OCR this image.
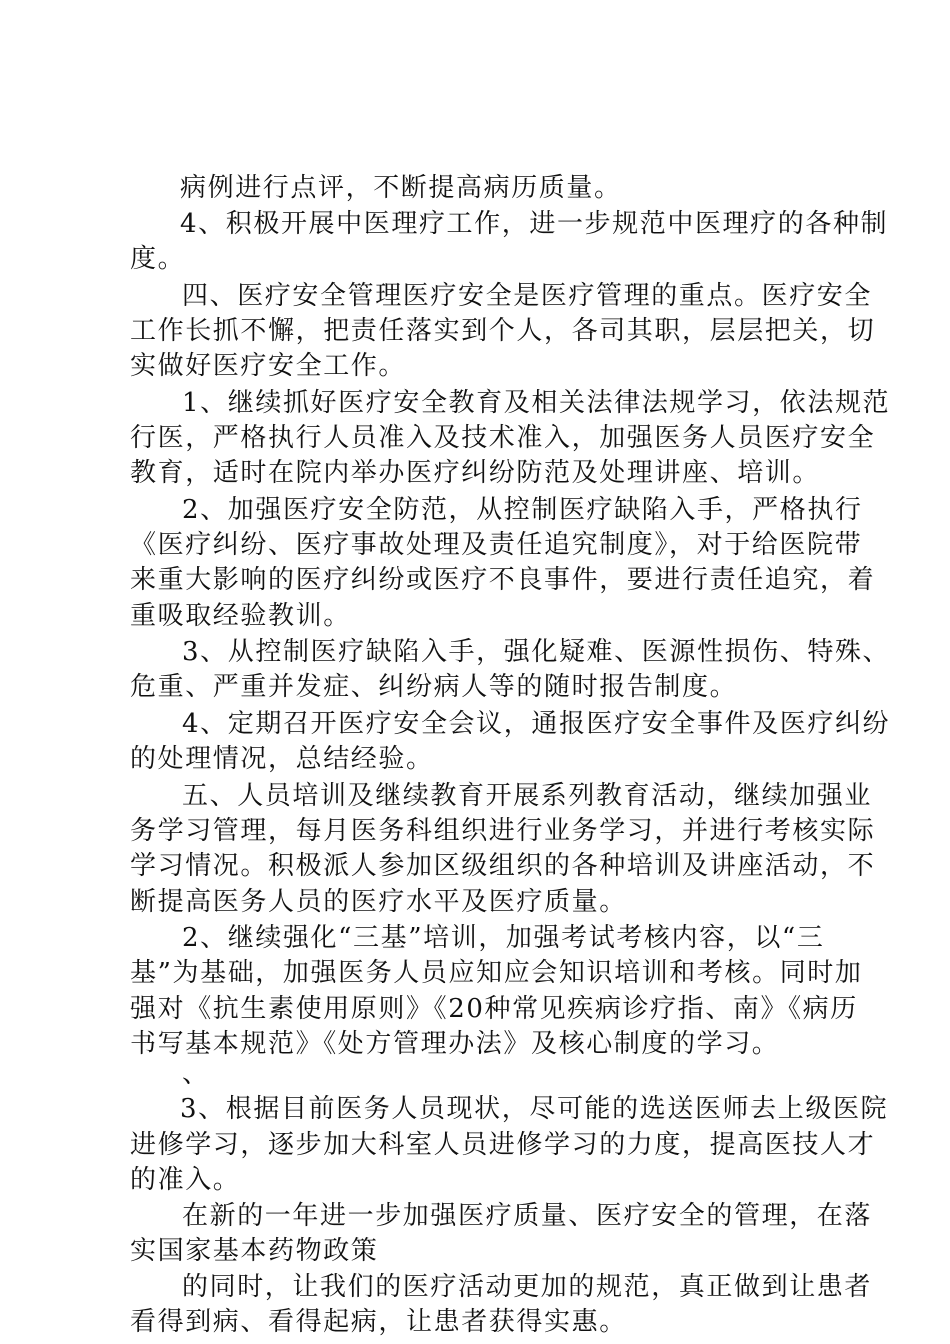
病例进行点评，不断提高病历质量。
4、积极开展中医理疗工作，进一步规范中医理疗的各种制
度。
四、医疗安全管理医疗安全是医疗管理的重点。医疗安全
工作长抓不懈，把责任落实到个人，各司其职，层层把关，切
实做好医疗安全工作。
1、继续抓好医疗安全教育及相关法律法规学习，依法规范
行医，严格执行人员准入及技术准入，加强医务人员医疗安全
教育，适时在院内举办医疗纠纷防范及处理讲座、培训。
2、加强医疗安全防范，从控制医疗缺陷入手，严格执行
《医疗纠纷、医疗事故处理及责任追究制度》，对于给医院带
来重大影响的医疗纠纷或医疗不良事件，要进行责任追究，着
重吸取经验教训。
3、从控制医疗缺陷入手，强化疑难、医源性损伤、特殊、
危重、严重并发症、纠纷病人等的随时报告制度。
4、定期召开医疗安全会议，通报医疗安全事件及医疗纠纷
的处理情况，总结经验。
五、人员培训及继续教育开展系列教育活动，继续加强业
务学习管理，每月医务科组织进行业务学习，并进行考核实际
学习情况。积极派人参加区级组织的各种培训及讲座活动，不
断提高医务人员的医疗水平及医疗质量。
2、继续强化“三基”培训，加强考试考核内容，以“三
基”为基础，加强医务人员应知应会知识培训和考核。同时加
强对《抗生素使用原则》《20种常见疾病诊疗指、南》《病历
书写基本规范》《处方管理办法》及核心制度的学习。
、
3、根据目前医务人员现状，尽可能的选送医师去上级医院
进修学习，逐步加大科室人员进修学习的力度，提高医技人才
的准入。
在新的一年进一步加强医疗质量、医疗安全的管理，在落
实国家基本药物政策
的同时，让我们的医疗活动更加的规范，真正做到让患者
看得到病、看得起病，让患者获得实惠。
